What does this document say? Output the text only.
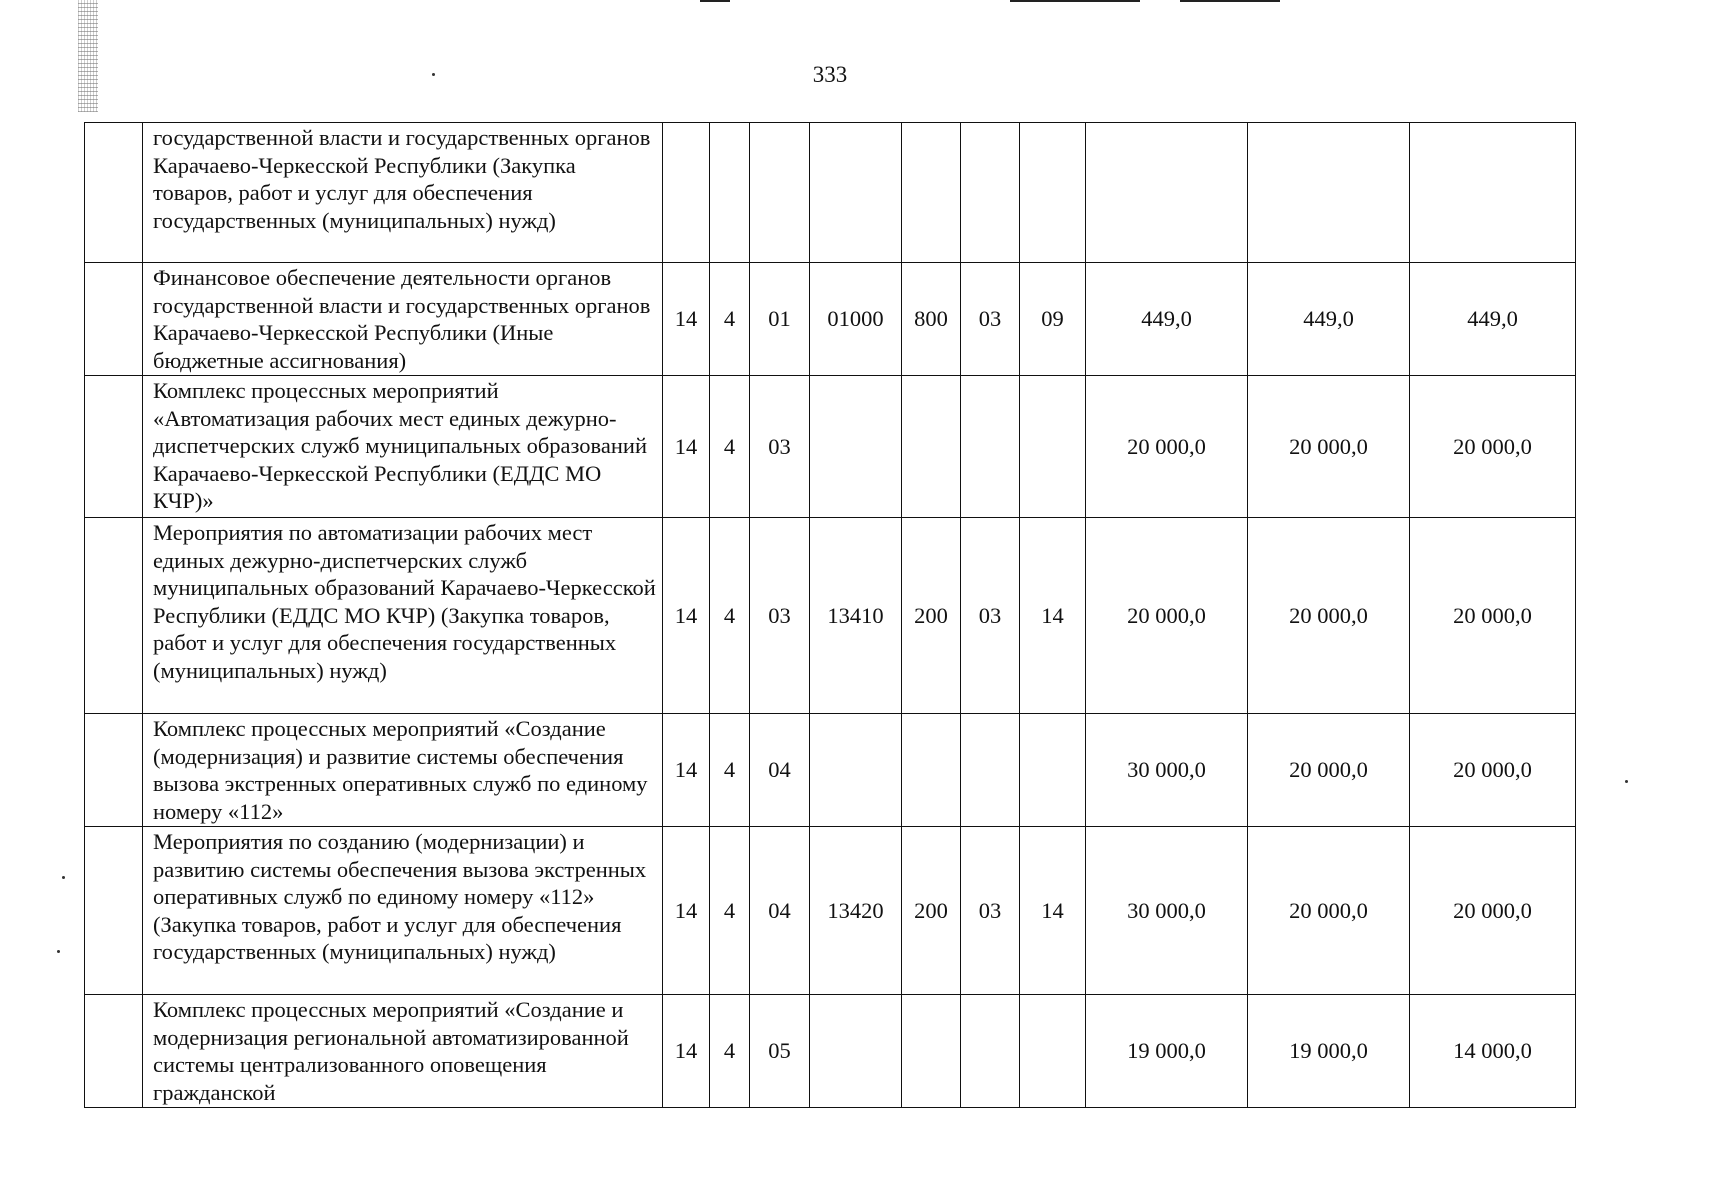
333
	государственной власти и государственных органов Карачаево-Черкесской Республики (Закупка товаров, работ и услуг для обеспечения государственных (муниципальных) нужд)										
	Финансовое обеспечение деятельности органов государственной власти и государственных органов Карачаево-Черкесской Республики (Иные бюджетные ассигнования)	14	4	01	01000	800	03	09	449,0	449,0	449,0
	Комплекс процессных мероприятий «Автоматизация рабочих мест единых дежурно-диспетчерских служб муниципальных образований Карачаево-Черкесской Республики (ЕДДС МО КЧР)»	14	4	03					20 000,0	20 000,0	20 000,0
	Мероприятия по автоматизации рабочих мест единых дежурно-диспетчерских служб муниципальных образований Карачаево-Черкесской Республики (ЕДДС МО КЧР) (Закупка товаров, работ и услуг для обеспечения государственных (муниципальных) нужд)	14	4	03	13410	200	03	14	20 000,0	20 000,0	20 000,0
	Комплекс процессных мероприятий «Создание (модернизация) и развитие системы обеспечения вызова экстренных оперативных служб по единому номеру «112»	14	4	04					30 000,0	20 000,0	20 000,0
	Мероприятия по созданию (модернизации) и развитию системы обеспечения вызова экстренных оперативных служб по единому номеру «112» (Закупка товаров, работ и услуг для обеспечения государственных (муниципальных) нужд)	14	4	04	13420	200	03	14	30 000,0	20 000,0	20 000,0
	Комплекс процессных мероприятий «Создание и модернизация региональной автоматизированной системы централизованного оповещения гражданской	14	4	05					19 000,0	19 000,0	14 000,0
